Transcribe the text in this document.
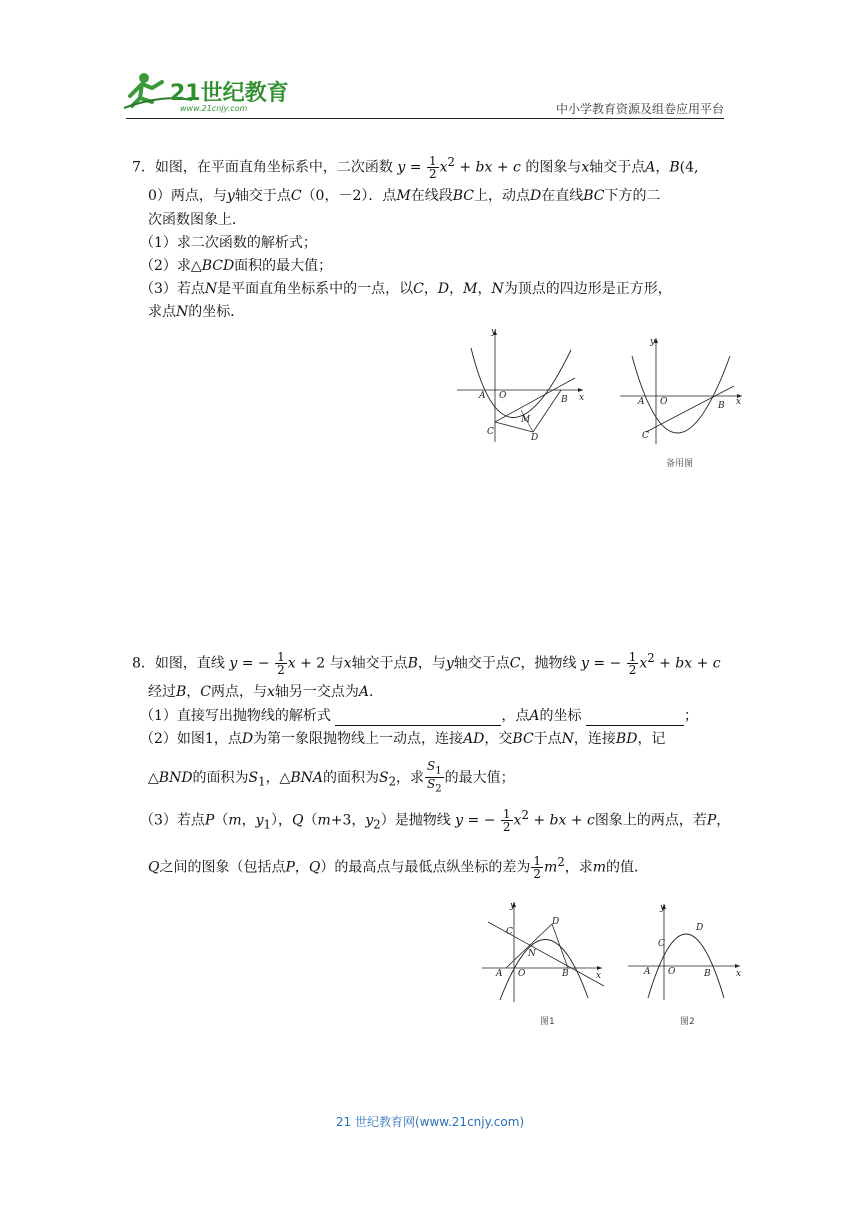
21世纪教育
www.21cnjy.com	中小学教育资源及组卷应用平台
7．如图，在平面直角坐标系中，二次函数 $y = \frac{1}{2} x^2$ + bx + c 的图象与x轴交于点A，B(4,
0）两点，与y轴交于点C（0，－2）．点M在线段BC上，动点D在直线BC下方的二
次函数图象上．
（1）求二次函数的解析式；
（2）求△BCD面积的最大值；
（3）若点N是平面直角坐标系中的一点，以C，D，M，N为顶点的四边形是正方形，
求点N的坐标．
A O	B
C
M
D
y
x	A O	B
C
y
x
备用图
8．如图，直线 y = − $\frac{1}{2}$ x + 2 与x轴交于点B，与y轴交于点C，抛物线 y = − $\frac{1}{2} x^2$ + bx + c
经过B，C两点，与x轴另一交点为A．
（1）直接写出抛物线的解析式	，点A的坐标	；
（2）如图1，点D为第一象限抛物线上一动点，连接AD，交BC于点N，连接BD，记
△BND的面积为$S_1$，△BNA的面积为$S_2$，求 $\frac{S_1}{S_2}$ 的最大值；
（3）若点P（m，$y_1$），Q（m+3，$y_2$）是抛物线 y = − $\frac{1}{2} x^2$ + bx + c图象上的两点，若P，
Q之间的图象（包括点P，Q）的最高点与最低点纵坐标的差为 $\frac{1}{2} m^2$，求m的值．
A O	B
C
D
N
y
x
图1
A O	B
C
D
y
x
图2
21 世纪教育网(www.21cnjy.com)
